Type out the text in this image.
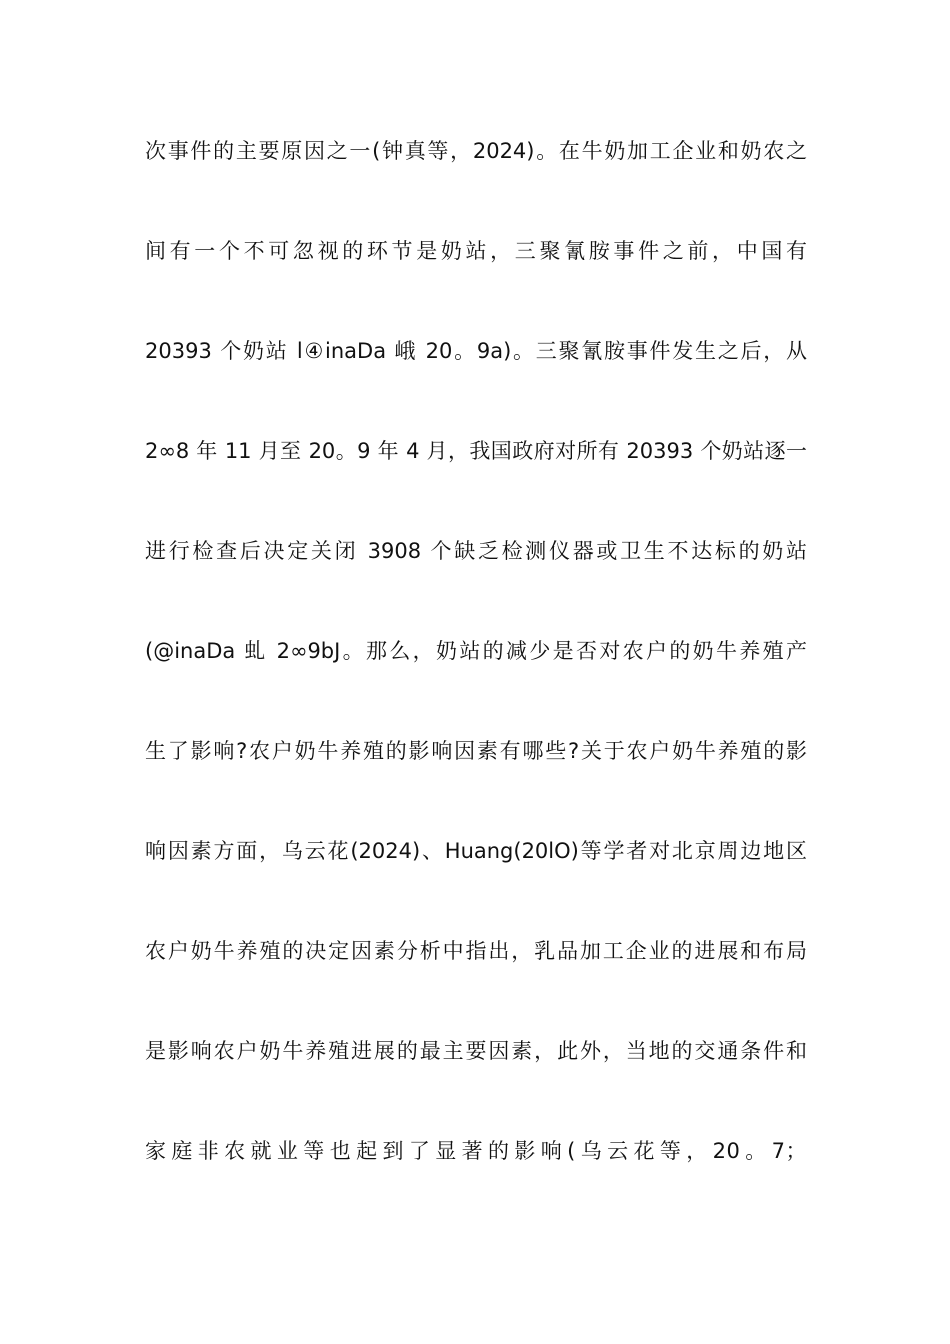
次事件的主要原因之一(钟真等，2024)。在牛奶加工企业和奶农之
间有一个不可忽视的环节是奶站，三聚氰胺事件之前，中国有
20393 个奶站 l④inaDa 峨 20。9a)。三聚氰胺事件发生之后，从
2∞8 年 11 月至 20。9 年 4 月，我国政府对所有 20393 个奶站逐一
进行检查后决定关闭 3908 个缺乏检测仪器或卫生不达标的奶站
(@inaDa 虬 2∞9bJ。那么，奶站的减少是否对农户的奶牛养殖产
生了影响?农户奶牛养殖的影响因素有哪些?关于农户奶牛养殖的影
响因素方面，乌云花(2024)、Huang(20lO)等学者对北京周边地区
农户奶牛养殖的决定因素分析中指出，乳品加工企业的进展和布局
是影响农户奶牛养殖进展的最主要因素，此外，当地的交通条件和
家庭非农就业等也起到了显著的影响(乌云花等，20。7；
